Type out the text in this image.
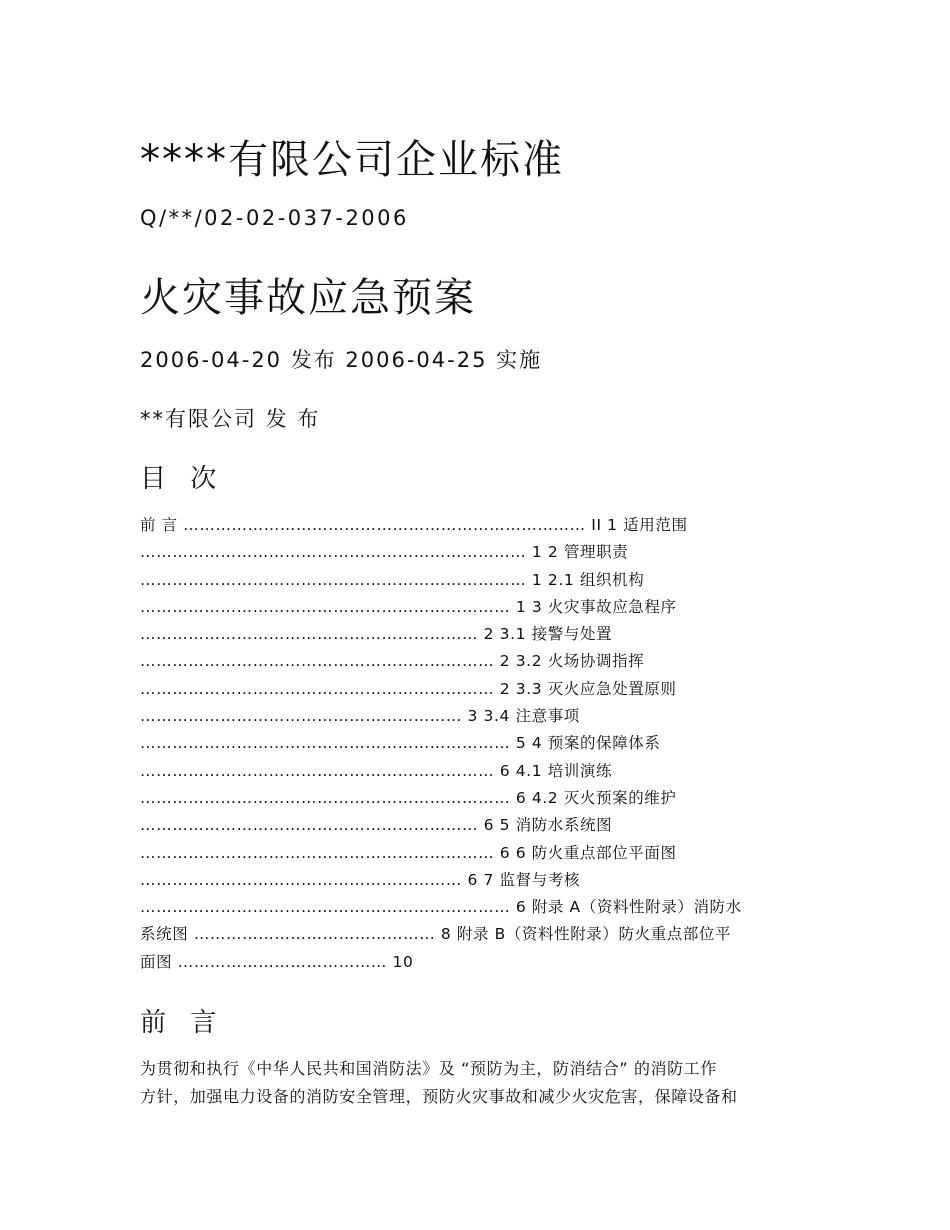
****有限公司企业标准
Q/**/02-02-037-2006
火灾事故应急预案
2006-04-20 发布 2006-04-25 实施
**有限公司 发 布
目 次
前 言 ………………………………………………………………… II 1 适用范围
……………………………………………………………… 1 2 管理职责
……………………………………………………………… 1 2.1 组织机构
…………………………………………………………… 1 3 火灾事故应急程序
……………………………………………………… 2 3.1 接警与处置
………………………………………………………… 2 3.2 火场协调指挥
………………………………………………………… 2 3.3 灭火应急处置原则
…………………………………………………… 3 3.4 注意事项
…………………………………………………………… 5 4 预案的保障体系
………………………………………………………… 6 4.1 培训演练
…………………………………………………………… 6 4.2 灭火预案的维护
……………………………………………………… 6 5 消防水系统图
………………………………………………………… 6 6 防火重点部位平面图
…………………………………………………… 6 7 监督与考核
…………………………………………………………… 6 附录 A（资料性附录）消防水
系统图 ……………………………………… 8 附录 B（资料性附录）防火重点部位平
面图 ………………………………… 10
前 言
为贯彻和执行《中华人民共和国消防法》及 “预防为主，防消结合” 的消防工作
方针，加强电力设备的消防安全管理，预防火灾事故和减少火灾危害，保障设备和
